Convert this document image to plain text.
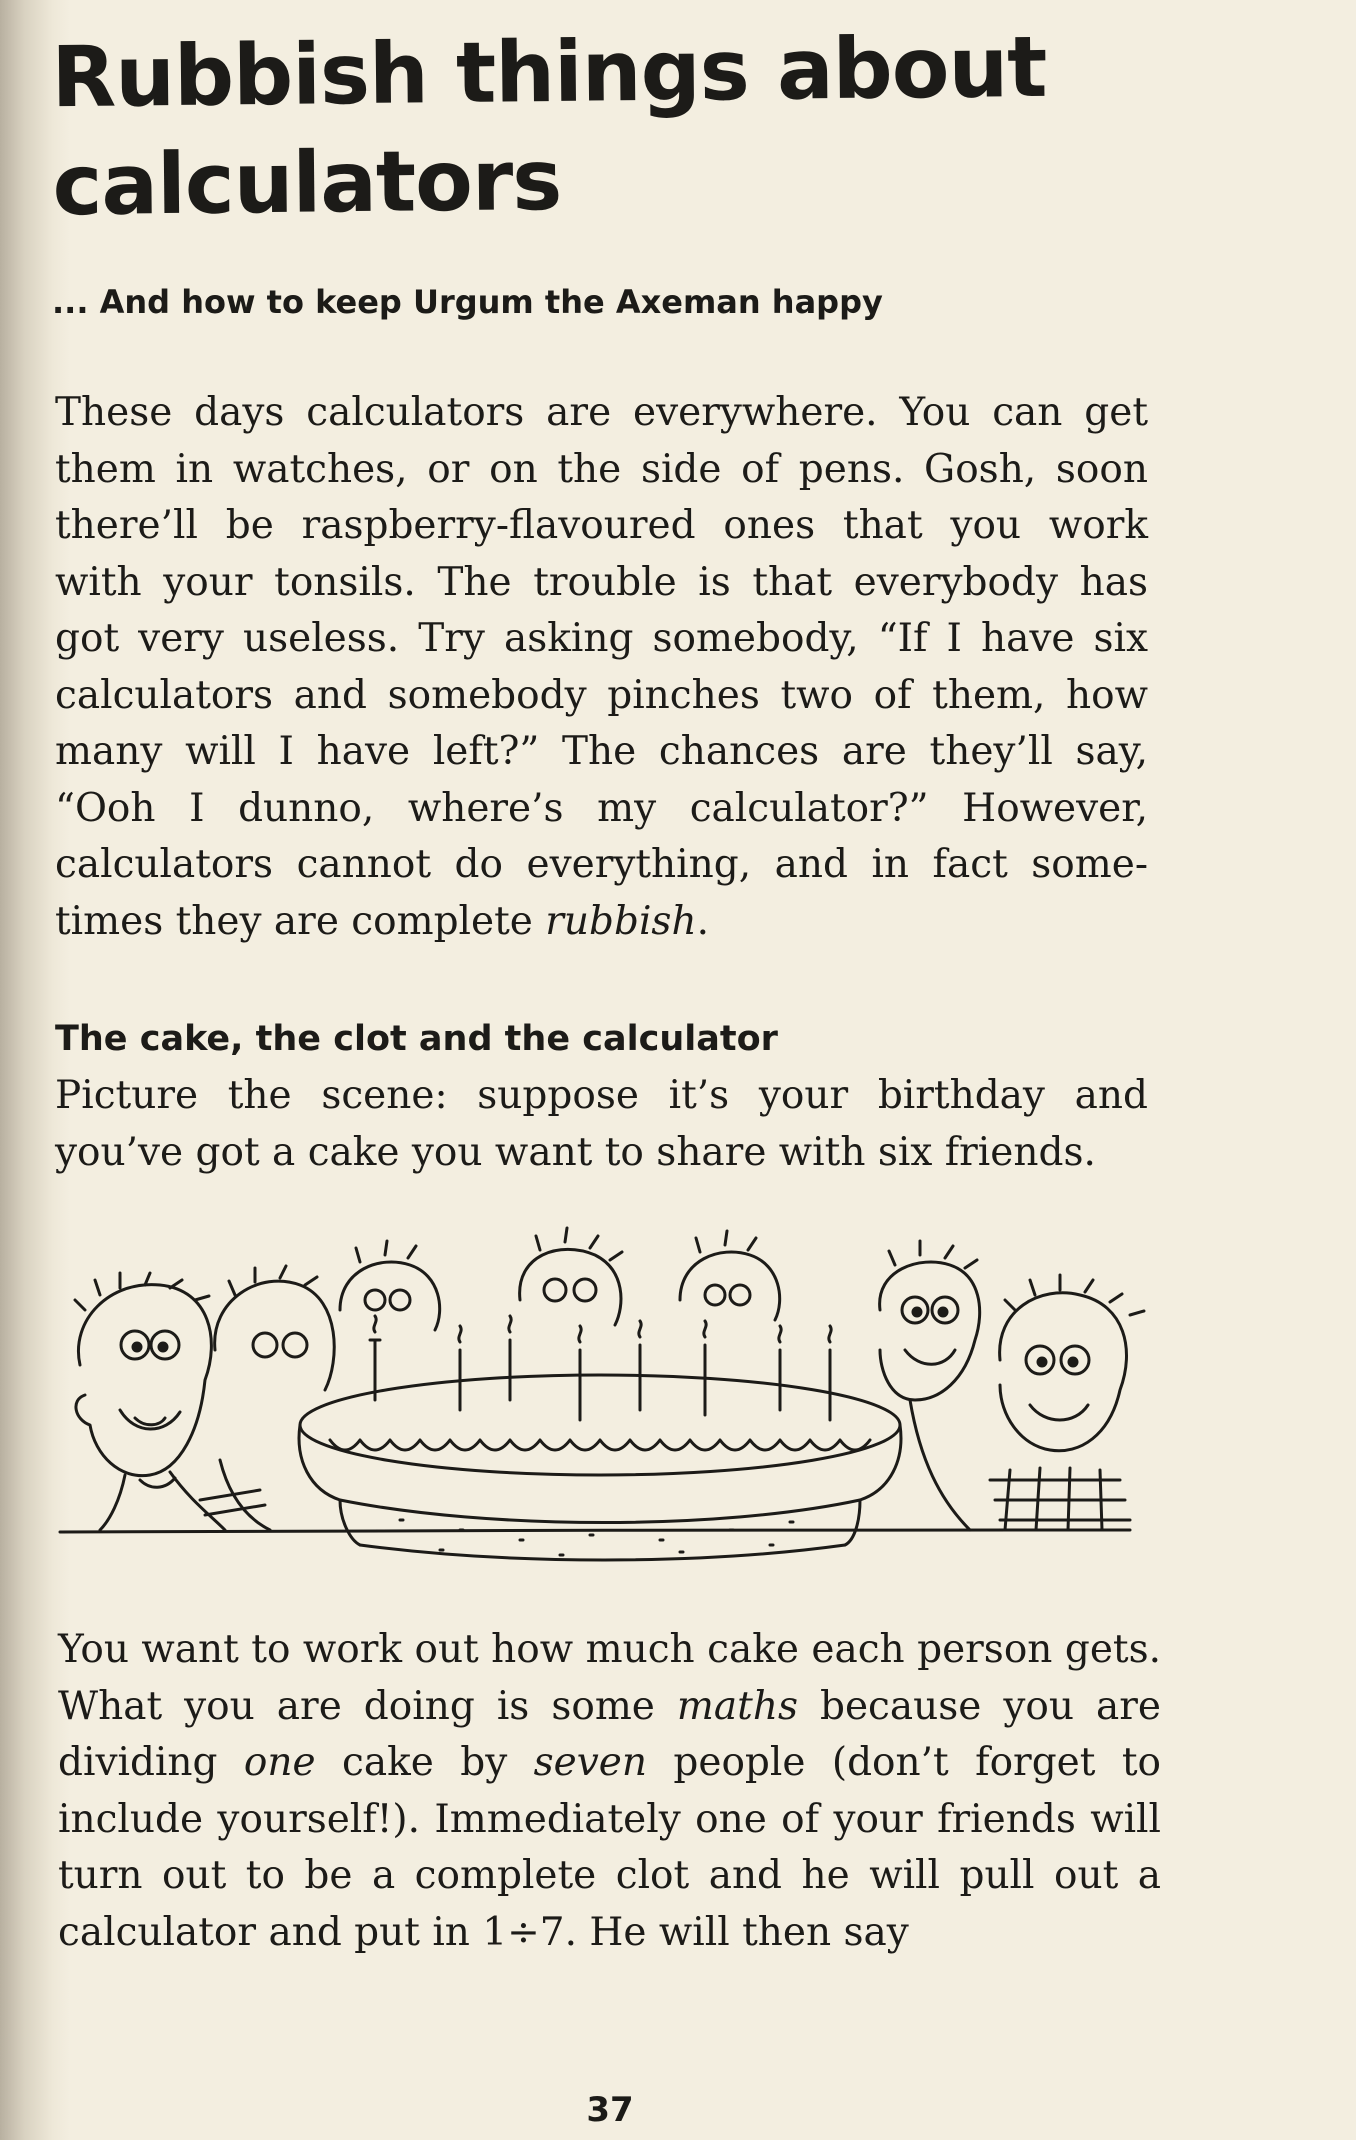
Rubbish things about calculators
... And how to keep Urgum the Axeman happy

These days calculators are everywhere. You can get them in watches, or on the side of pens. Gosh, soon there’ll be raspberry-flavoured ones that you work with your tonsils. The trouble is that everybody has got very useless. Try asking somebody, “If I have six calculators and somebody pinches two of them, how many will I have left?” The chances are they’ll say, “Ooh I dunno, where’s my calculator?” However, calculators cannot do everything, and in fact sometimes they are complete rubbish.

The cake, the clot and the calculator

Picture the scene: suppose it’s your birthday and you’ve got a cake you want to share with six friends.

You want to work out how much cake each person gets. What you are doing is some maths because you are dividing one cake by seven people (don’t forget to include yourself!). Immediately one of your friends will turn out to be a complete clot and he will pull out a calculator and put in 1÷7. He will then say

37
